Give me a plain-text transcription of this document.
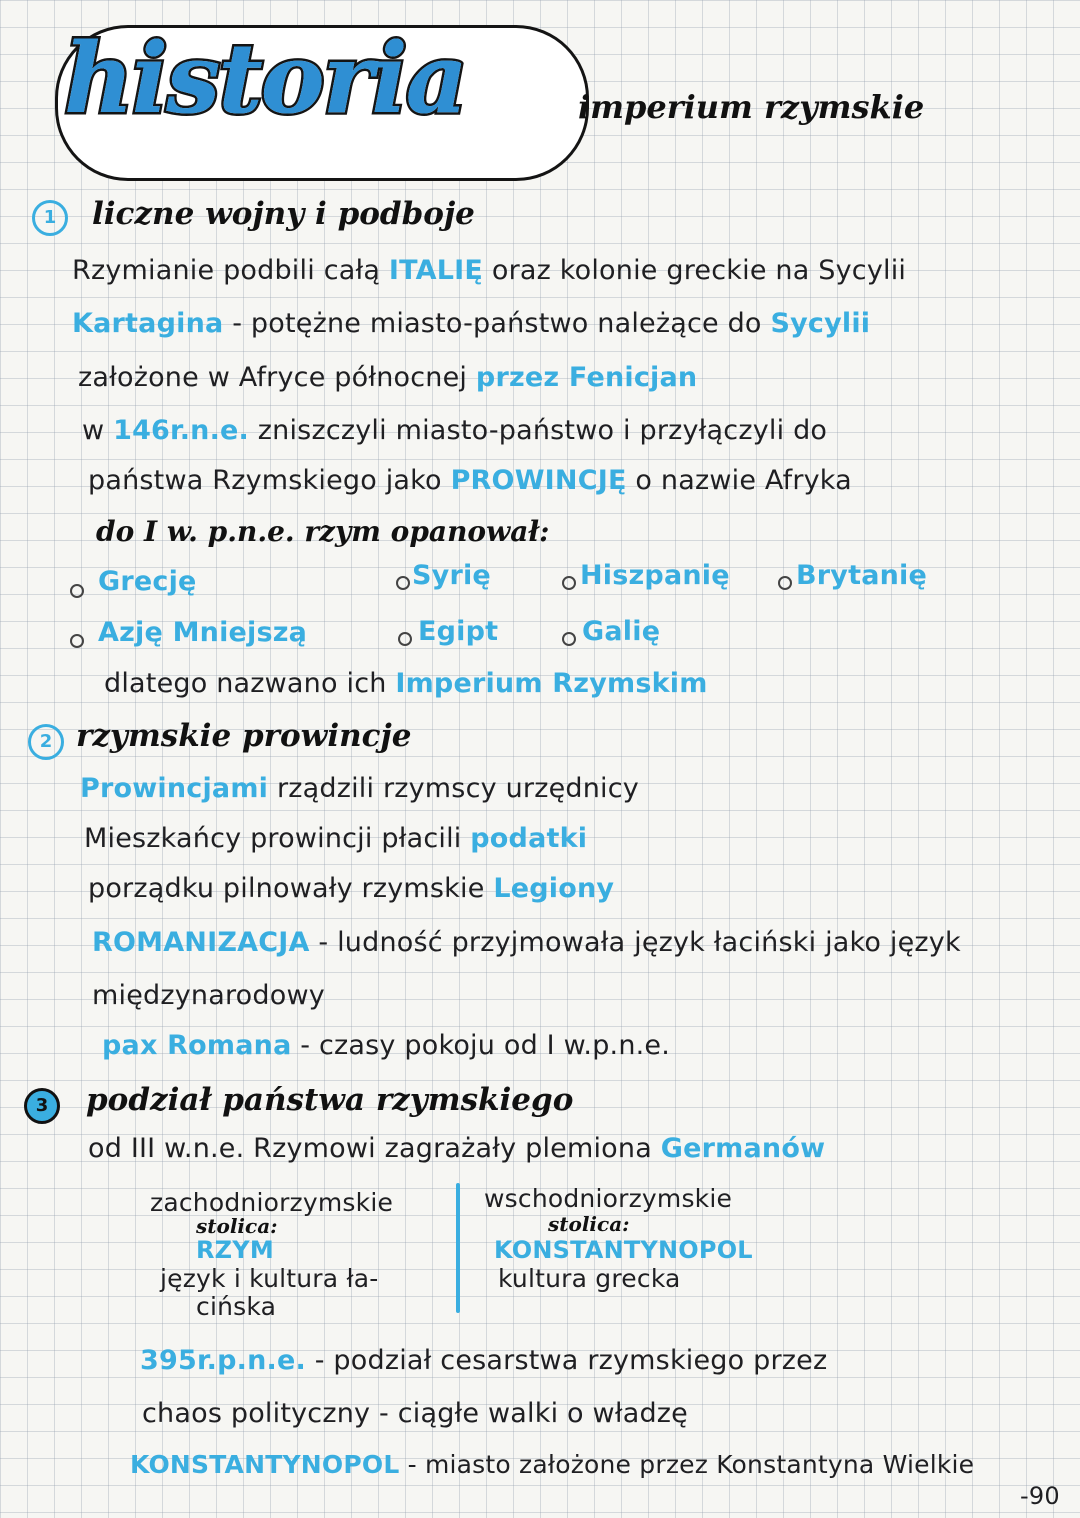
historia	imperium rzymskie
1	liczne wojny i podboje
Rzymianie podbili całą ITALIĘ oraz kolonie greckie na Sycylii
Kartagina - potężne miasto-państwo należące do Sycylii
założone w Afryce północnej przez Fenicjan
w 146r.n.e. zniszczyli miasto-państwo i przyłączyli do
państwa Rzymskiego jako PROWINCJĘ o nazwie Afryka
do I w. p.n.e. rzym opanował:
Grecję	Syrię	Hiszpanię Brytanię
Azję Mniejszą	Egipt	Galię
dlatego nazwano ich Imperium Rzymskim
2 rzymskie prowincje
Prowincjami rządzili rzymscy urzędnicy
Mieszkańcy prowincji płacili podatki
porządku pilnowały rzymskie Legiony
ROMANIZACJA - ludność przyjmowała język łaciński jako język
międzynarodowy
pax Romana - czasy pokoju od I w.p.n.e.
3	podział państwa rzymskiego
od III w.n.e. Rzymowi zagrażały plemiona Germanów
zachodniorzymskie
stolica:
RZYM
język i kultura ła-
cińska
wschodniorzymskie
stolica:
KONSTANTYNOPOL
kultura grecka
395r.p.n.e. - podział cesarstwa rzymskiego przez
chaos polityczny - ciągłe walki o władzę
KONSTANTYNOPOL - miasto założone przez Konstantyna Wielkie
-90
